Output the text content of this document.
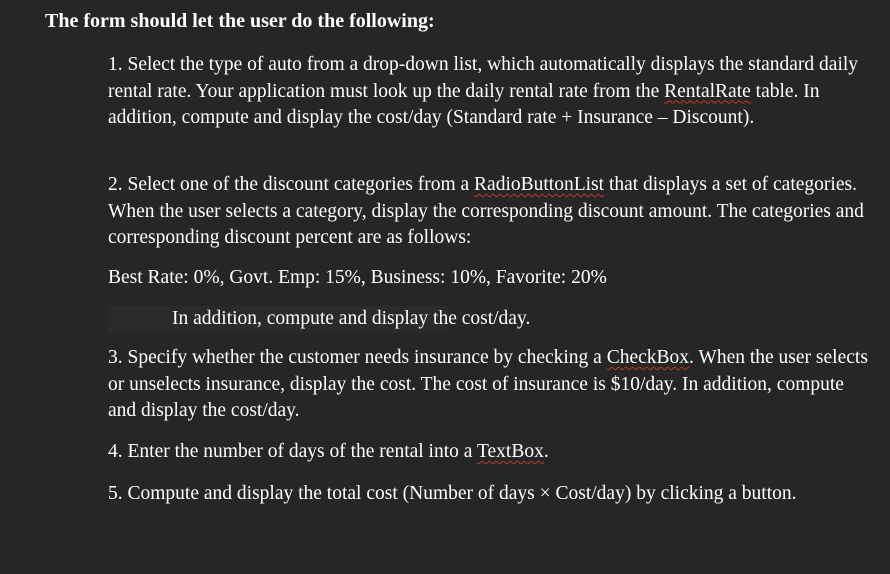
The form should let the user do the following:
1. Select the type of auto from a drop-down list, which automatically displays the standard daily rental rate. Your application must look up the daily rental rate from the RentalRate table. In addition, compute and display the cost/day (Standard rate + Insurance – Discount).
2. Select one of the discount categories from a RadioButtonList that displays a set of categories. When the user selects a category, display the corresponding discount amount. The categories and corresponding discount percent are as follows:
Best Rate: 0%, Govt. Emp: 15%, Business: 10%, Favorite: 20%
In addition, compute and display the cost/day.
3. Specify whether the customer needs insurance by checking a CheckBox. When the user selects or unselects insurance, display the cost. The cost of insurance is $10/day. In addition, compute and display the cost/day.
4. Enter the number of days of the rental into a TextBox.
5. Compute and display the total cost (Number of days × Cost/day) by clicking a button.
